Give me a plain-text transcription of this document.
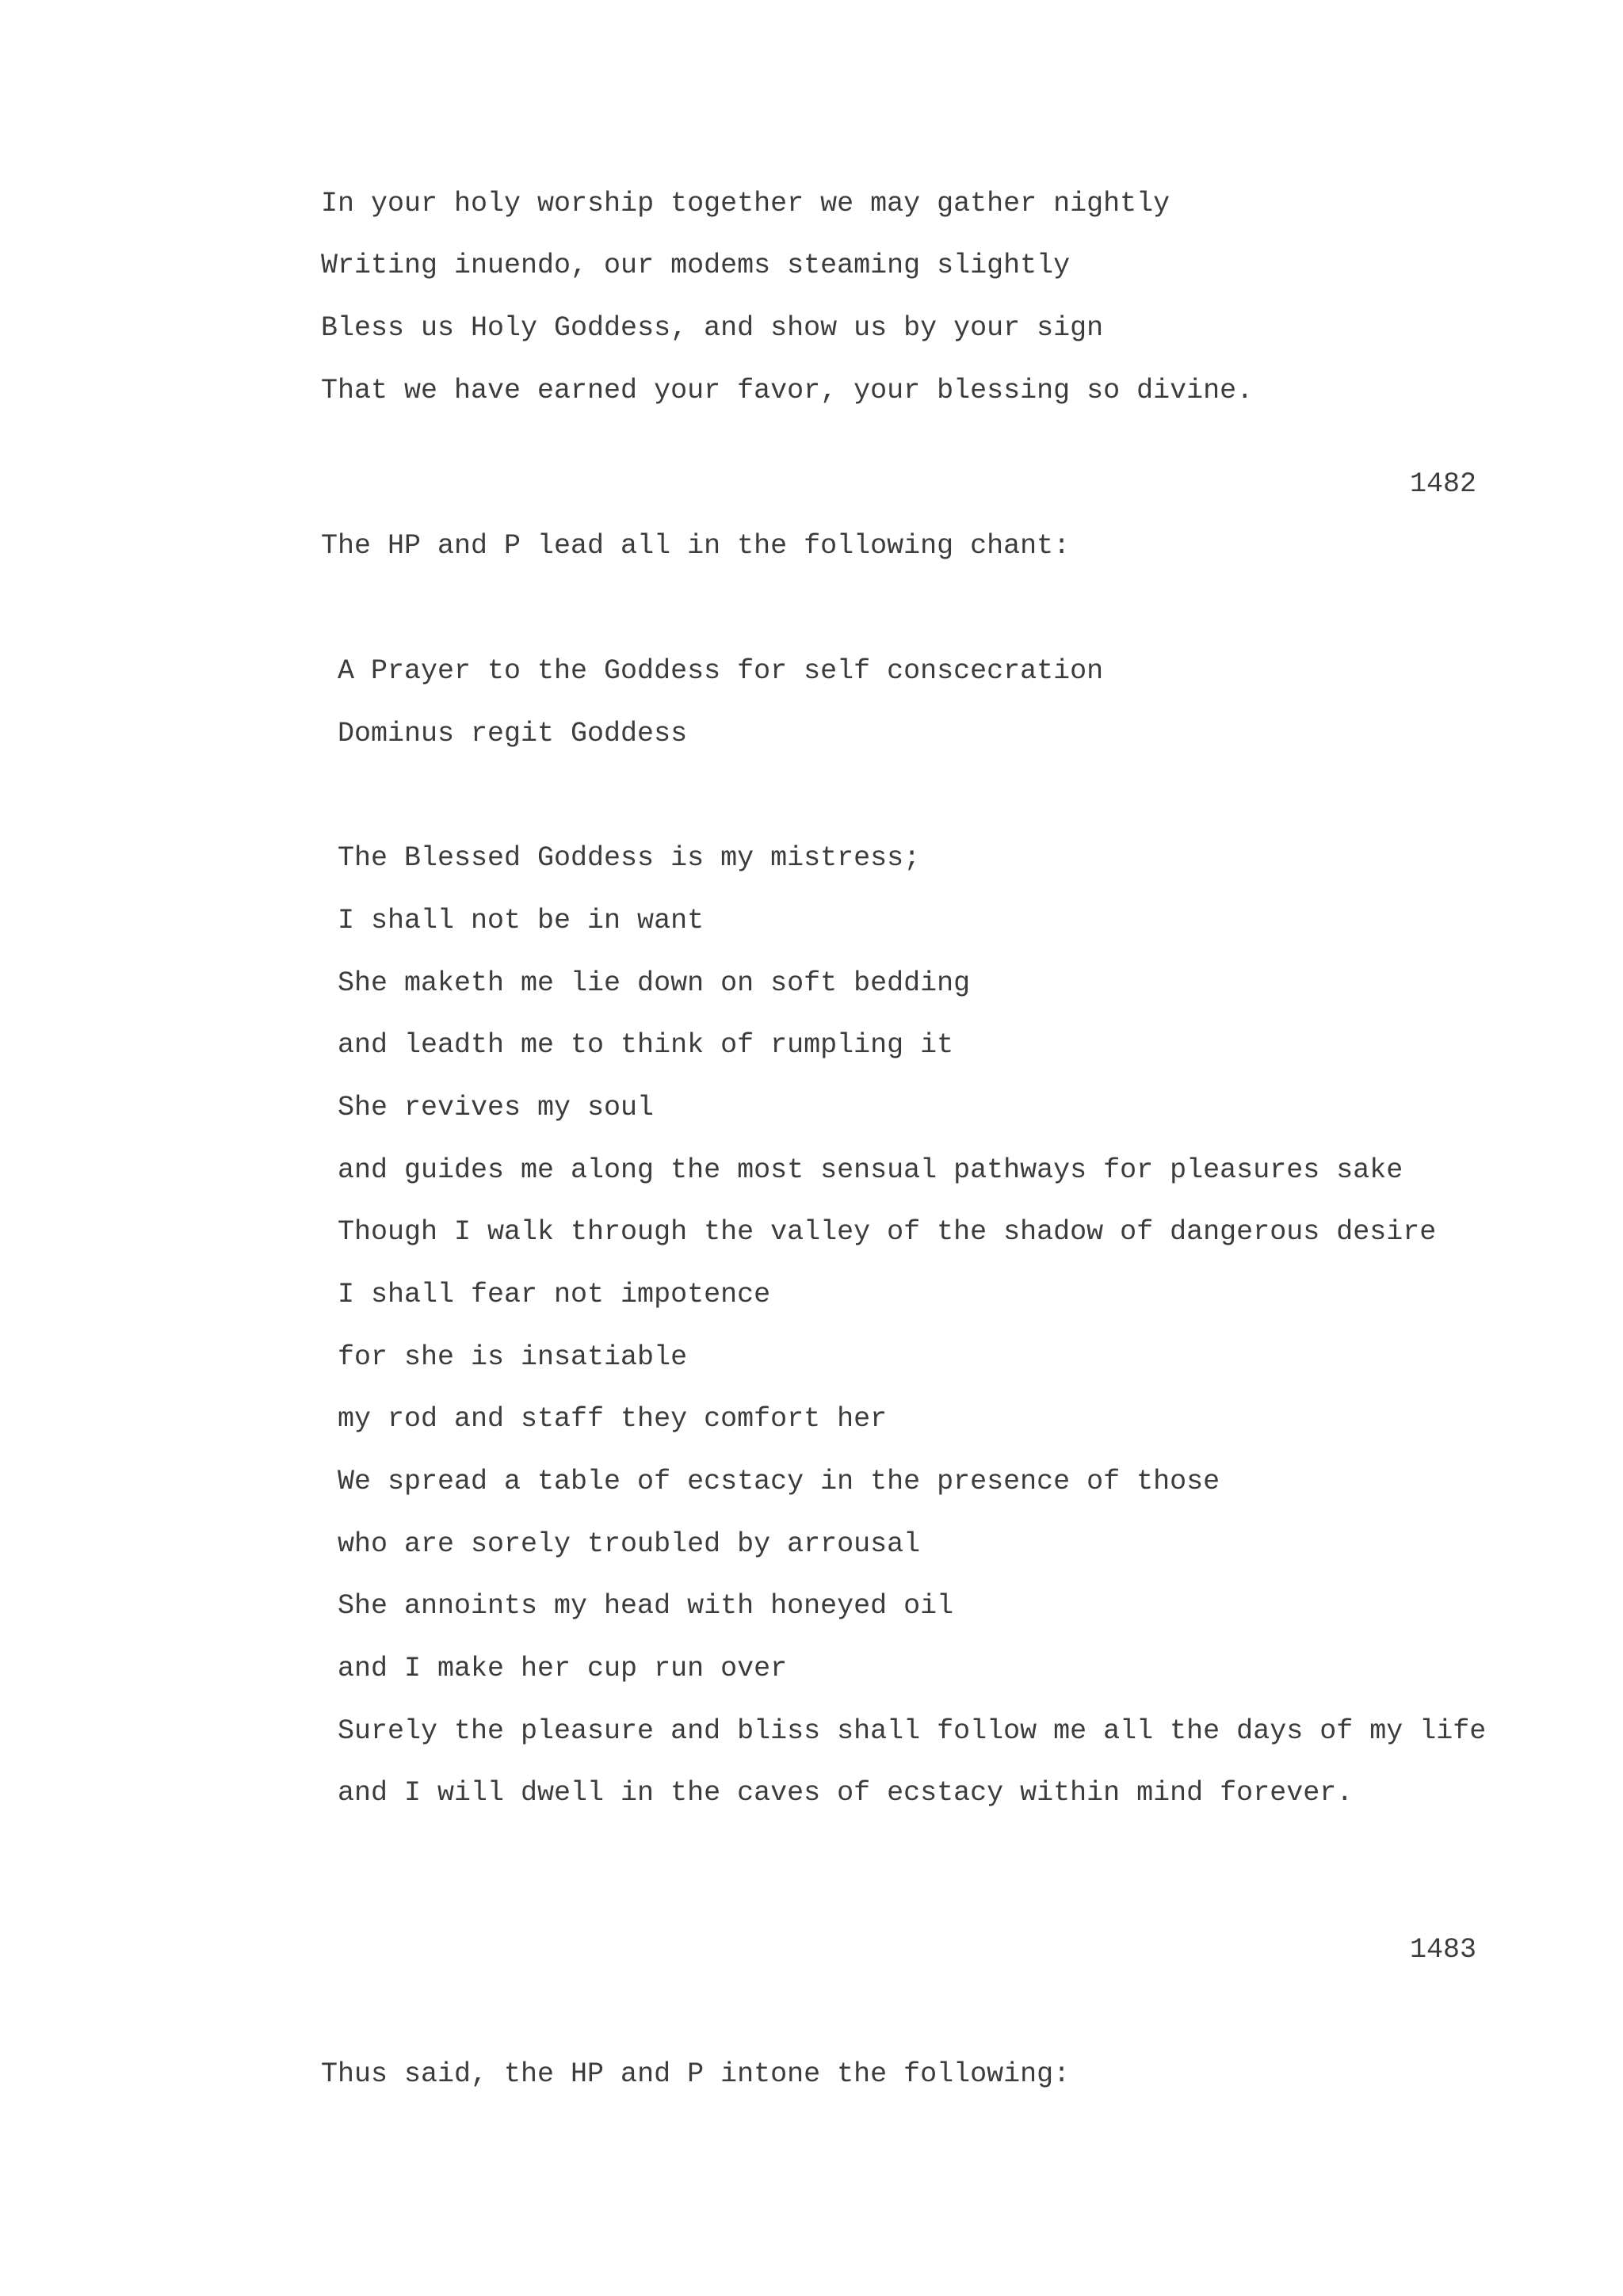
In your holy worship together we may gather nightly
Writing inuendo, our modems steaming slightly
Bless us Holy Goddess, and show us by your sign
That we have earned your favor, your blessing so divine.
1482
The HP and P lead all in the following chant:
A Prayer to the Goddess for self conscecration
Dominus regit Goddess
The Blessed Goddess is my mistress;
I shall not be in want
She maketh me lie down on soft bedding
and leadth me to think of rumpling it
She revives my soul
and guides me along the most sensual pathways for pleasures sake
Though I walk through the valley of the shadow of dangerous desire
I shall fear not impotence
for she is insatiable
my rod and staff they comfort her
We spread a table of ecstacy in the presence of those
who are sorely troubled by arrousal
She annoints my head with honeyed oil
and I make her cup run over
Surely the pleasure and bliss shall follow me all the days of my life
and I will dwell in the caves of ecstacy within mind forever.
1483
Thus said, the HP and P intone the following:
